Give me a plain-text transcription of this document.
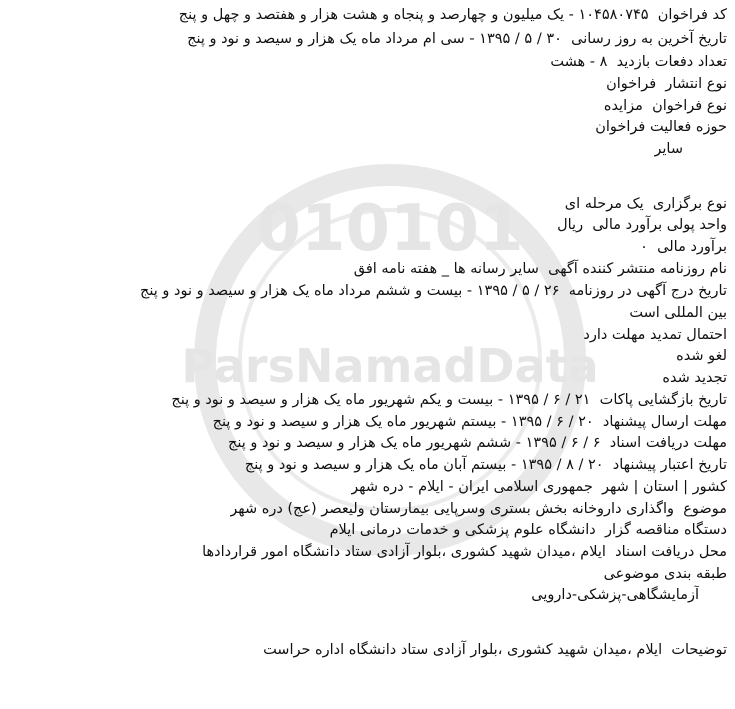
010101
ParsNamadData
کد فراخوان  ۱۰۴۵۸۰۷۴۵ - یک میلیون و چهارصد و پنجاه و هشت هزار و هفتصد و چهل و پنج
تاریخ آخرین به روز رسانی  ۳۰ / ۵ / ۱۳۹۵ - سی ام مرداد ماه یک هزار و سیصد و نود و پنج
تعداد دفعات بازدید  ۸ - هشت
نوع انتشار  فراخوان
نوع فراخوان  مزایده
حوزه فعالیت فراخوان
سایر
نوع برگزاری  یک مرحله ای
واحد پولی برآورد مالی  ریال
برآورد مالی  ۰
نام روزنامه منتشر کننده آگهی  سایر رسانه ها _ هفته نامه افق
تاریخ درج آگهی در روزنامه  ۲۶ / ۵ / ۱۳۹۵ - بیست و ششم مرداد ماه یک هزار و سیصد و نود و پنج
بین المللی است
احتمال تمدید مهلت دارد
لغو شده
تجدید شده
تاریخ بازگشایی پاکات  ۲۱ / ۶ / ۱۳۹۵ - بیست و یکم شهریور ماه یک هزار و سیصد و نود و پنج
مهلت ارسال پیشنهاد  ۲۰ / ۶ / ۱۳۹۵ - بیستم شهریور ماه یک هزار و سیصد و نود و پنج
مهلت دریافت اسناد  ۶ / ۶ / ۱۳۹۵ - ششم شهریور ماه یک هزار و سیصد و نود و پنج
تاریخ اعتبار پیشنهاد  ۲۰ / ۸ / ۱۳۹۵ - بیستم آبان ماه یک هزار و سیصد و نود و پنج
کشور | استان | شهر  جمهوری اسلامی ایران - ایلام - دره شهر
موضوع  واگذاری داروخانه بخش بستری وسرپایی بیمارستان ولیعصر (عج) دره شهر
دستگاه مناقصه گزار  دانشگاه علوم پزشکی و خدمات درمانی ایلام
محل دریافت اسناد  ایلام ،میدان شهید کشوری ،بلوار آزادی ستاد دانشگاه امور قراردادها
طبقه بندی موضوعی
آزمایشگاهی-پزشکی-دارویی
توضیحات  ایلام ،میدان شهید کشوری ،بلوار آزادی ستاد دانشگاه اداره حراست
